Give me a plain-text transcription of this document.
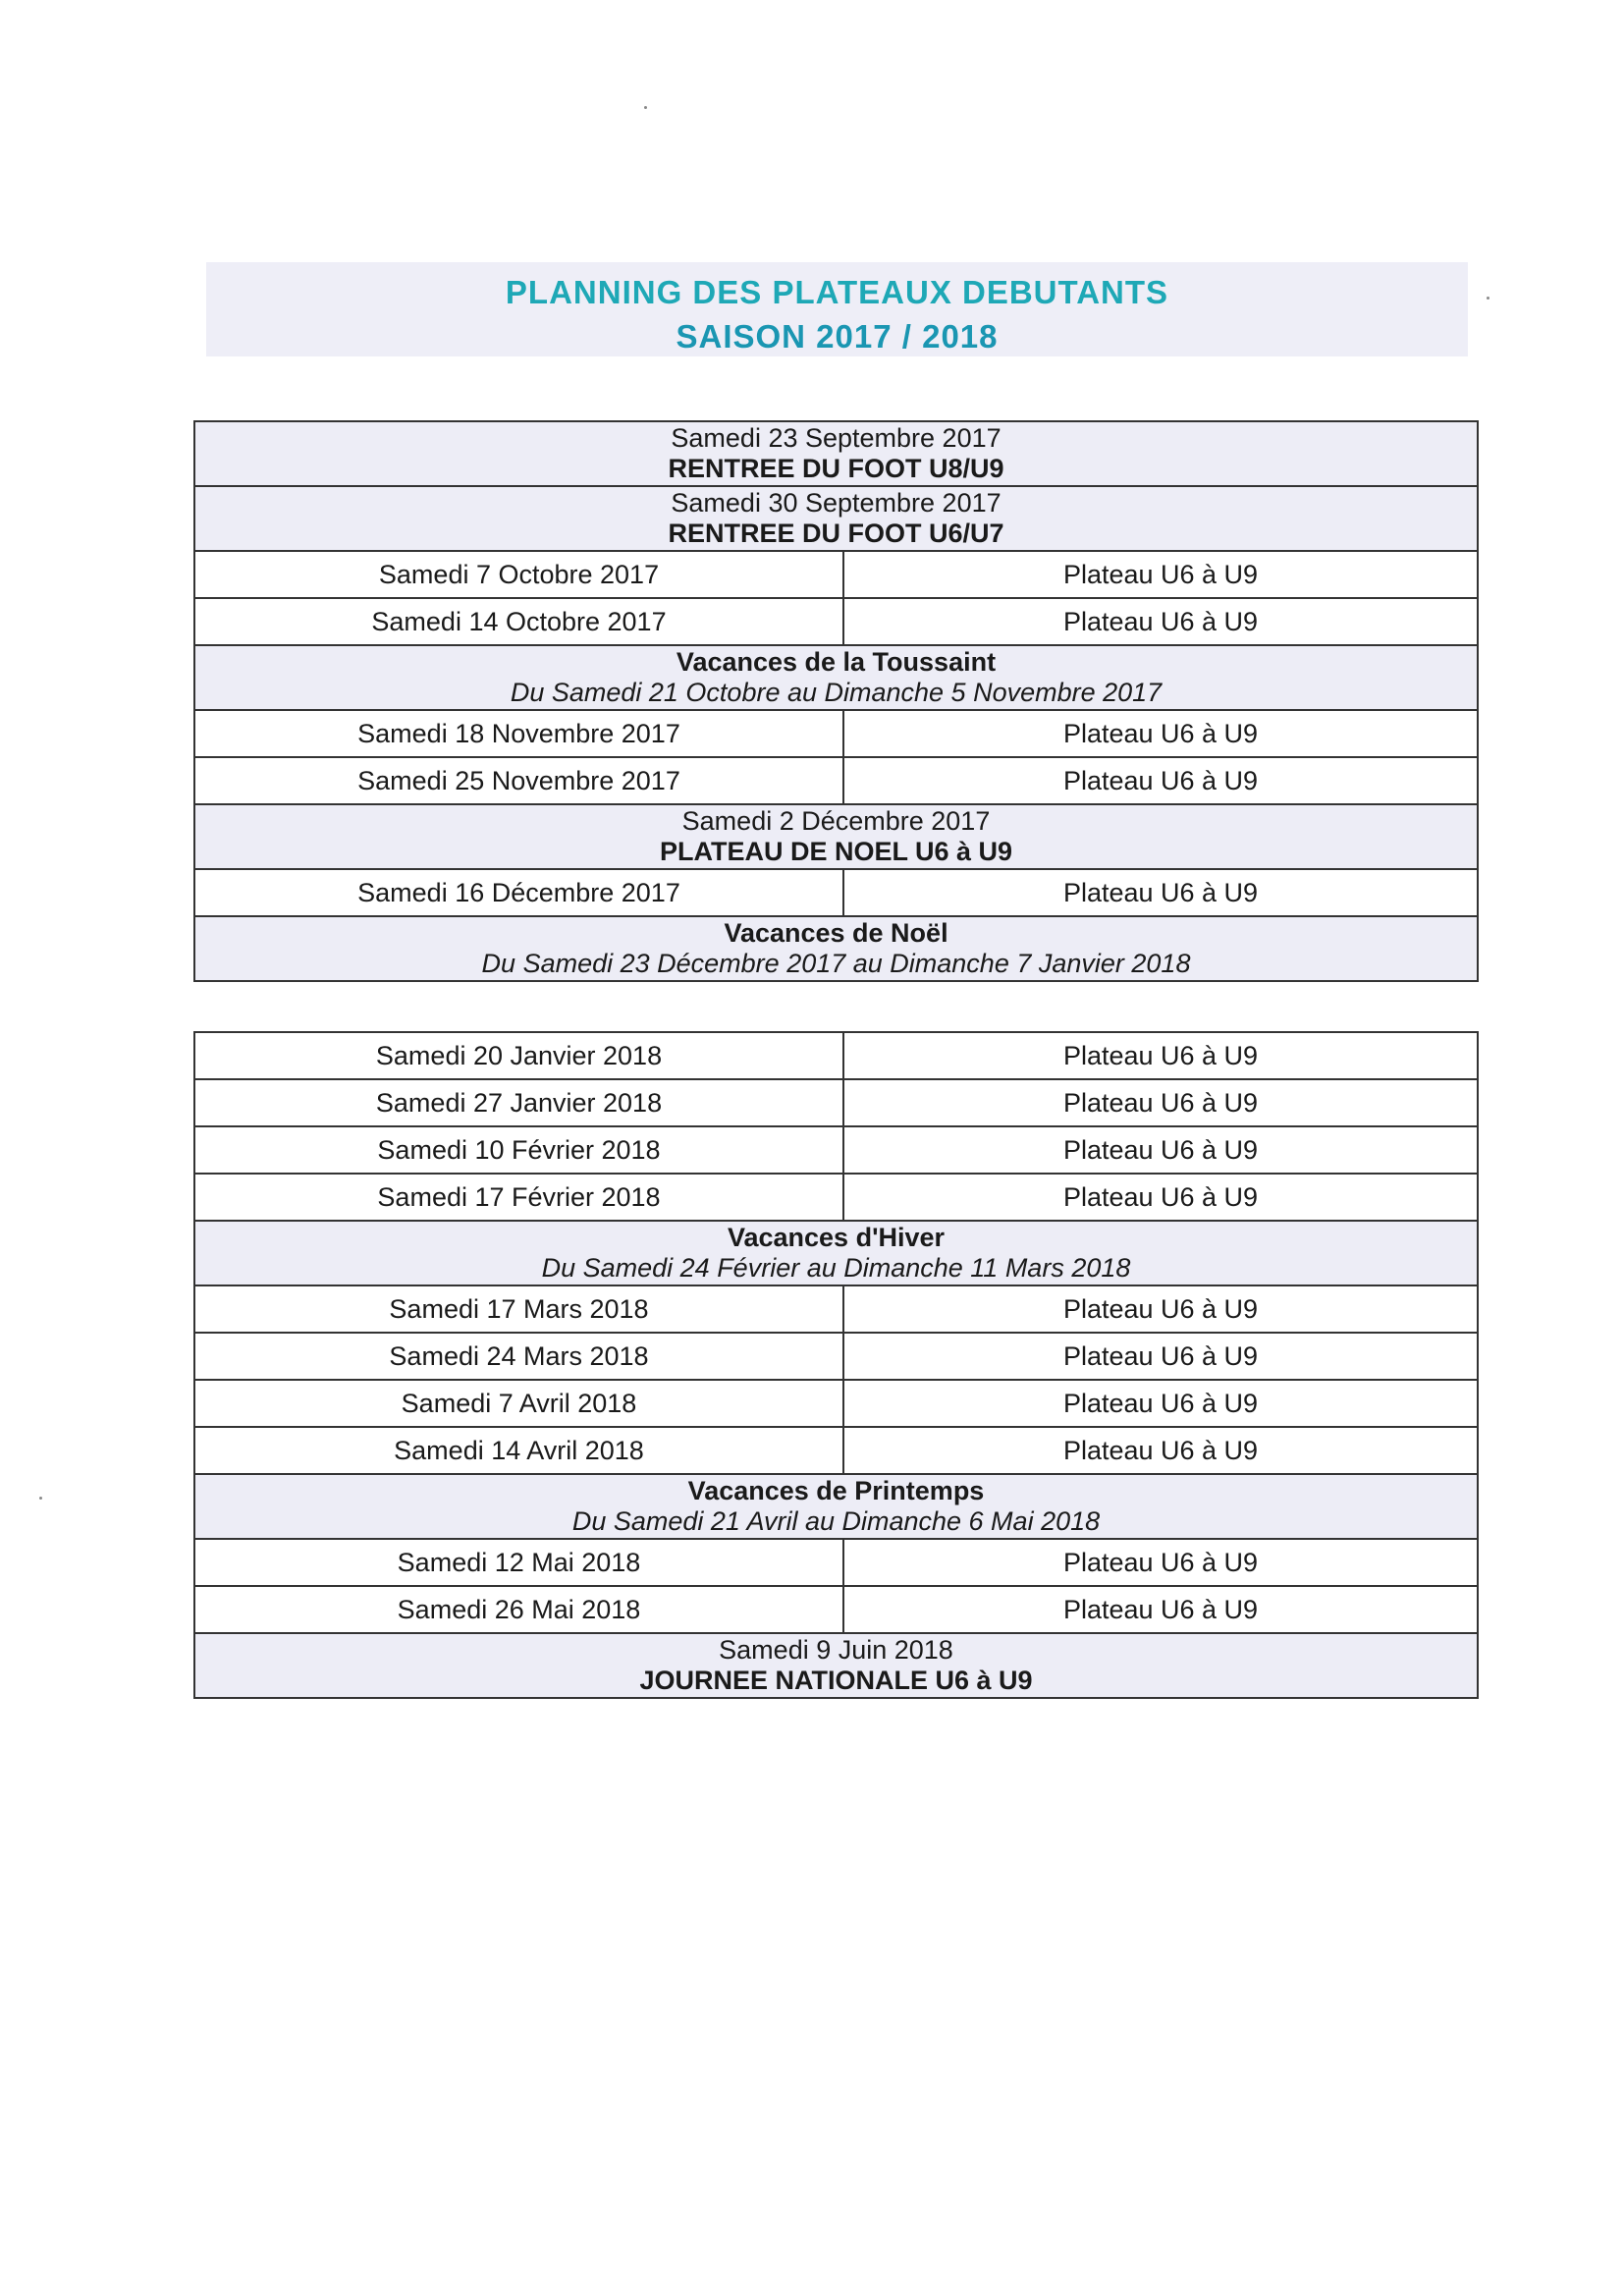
PLANNING DES PLATEAUX DEBUTANTS
SAISON 2017 / 2018
Samedi 23 Septembre 2017
RENTREE DU FOOT U8/U9	

Samedi 30 Septembre 2017
RENTREE DU FOOT U6/U7	

Samedi 7 Octobre 2017	Plateau U6 à U9
Samedi 14 Octobre 2017	Plateau U6 à U9

Vacances de la Toussaint
Du Samedi 21 Octobre au Dimanche 5 Novembre 2017	

Samedi 18 Novembre 2017	Plateau U6 à U9
Samedi 25 Novembre 2017	Plateau U6 à U9

Samedi 2 Décembre 2017
PLATEAU DE NOEL U6 à U9	

Samedi 16 Décembre 2017	Plateau U6 à U9

Vacances de Noël
Du Samedi 23 Décembre 2017 au Dimanche 7 Janvier 2018	
Samedi 20 Janvier 2018	Plateau U6 à U9
Samedi 27 Janvier 2018	Plateau U6 à U9
Samedi 10 Février 2018	Plateau U6 à U9
Samedi 17 Février 2018	Plateau U6 à U9

Vacances d'Hiver
Du Samedi 24 Février au Dimanche 11 Mars 2018	

Samedi 17 Mars 2018	Plateau U6 à U9
Samedi 24 Mars 2018	Plateau U6 à U9
Samedi 7 Avril 2018	Plateau U6 à U9
Samedi 14 Avril 2018	Plateau U6 à U9

Vacances de Printemps
Du Samedi 21 Avril au Dimanche 6 Mai 2018	

Samedi 12 Mai 2018	Plateau U6 à U9
Samedi 26 Mai 2018	Plateau U6 à U9

Samedi 9 Juin 2018
JOURNEE NATIONALE U6 à U9	
